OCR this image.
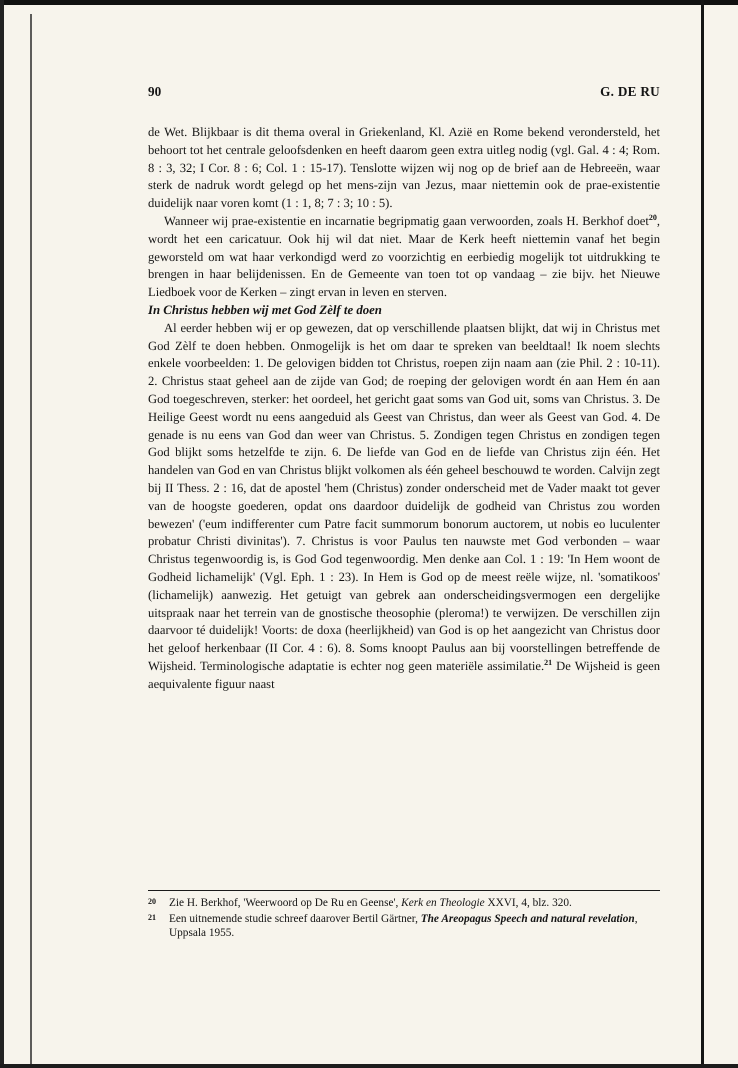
90	G. DE RU

de Wet. Blijkbaar is dit thema overal in Griekenland, Kl. Azië en Rome bekend verondersteld, het behoort tot het centrale geloofsdenken en heeft daarom geen extra uitleg nodig (vgl. Gal. 4 : 4; Rom. 8 : 3, 32; I Cor. 8 : 6; Col. 1 : 15-17). Tenslotte wijzen wij nog op de brief aan de Hebreeën, waar sterk de nadruk wordt gelegd op het mens-zijn van Jezus, maar niettemin ook de prae-existentie duidelijk naar voren komt (1 : 1, 8; 7 : 3; 10 : 5).

Wanneer wij prae-existentie en incarnatie begripmatig gaan verwoorden, zoals H. Berkhof doet$^{20}$, wordt het een caricatuur. Ook hij wil dat niet. Maar de Kerk heeft niettemin vanaf het begin geworsteld om wat haar verkondigd werd zo voorzichtig en eerbiedig mogelijk tot uitdrukking te brengen in haar belijdenissen. En de Gemeente van toen tot op vandaag – zie bijv. het Nieuwe Liedboek voor de Kerken – zingt ervan in leven en sterven.

In Christus hebben wij met God Zèlf te doen

Al eerder hebben wij er op gewezen, dat op verschillende plaatsen blijkt, dat wij in Christus met God Zèlf te doen hebben. Onmogelijk is het om daar te spreken van beeldtaal! Ik noem slechts enkele voorbeelden: 1. De gelovigen bidden tot Christus, roepen zijn naam aan (zie Phil. 2 : 10-11). 2. Christus staat geheel aan de zijde van God; de roeping der gelovigen wordt én aan Hem én aan God toegeschreven, sterker: het oordeel, het gericht gaat soms van God uit, soms van Christus. 3. De Heilige Geest wordt nu eens aangeduid als Geest van Christus, dan weer als Geest van God. 4. De genade is nu eens van God dan weer van Christus. 5. Zondigen tegen Christus en zondigen tegen God blijkt soms hetzelfde te zijn. 6. De liefde van God en de liefde van Christus zijn één. Het handelen van God en van Christus blijkt volkomen als één geheel beschouwd te worden. Calvijn zegt bij II Thess. 2 : 16, dat de apostel 'hem (Christus) zonder onderscheid met de Vader maakt tot gever van de hoogste goederen, opdat ons daardoor duidelijk de godheid van Christus zou worden bewezen' ('eum indifferenter cum Patre facit summorum bonorum auctorem, ut nobis eo luculenter probatur Christi divinitas'). 7. Christus is voor Paulus ten nauwste met God verbonden – waar Christus tegenwoordig is, is God God tegenwoordig. Men denke aan Col. 1 : 19: 'In Hem woont de Godheid lichamelijk' (Vgl. Eph. 1 : 23). In Hem is God op de meest reële wijze, nl. 'somatikoos' (lichamelijk) aanwezig. Het getuigt van gebrek aan onderscheidingsvermogen een dergelijke uitspraak naar het terrein van de gnostische theosophie (pleroma!) te verwijzen. De verschillen zijn daarvoor té duidelijk! Voorts: de doxa (heerlijkheid) van God is op het aangezicht van Christus door het geloof herkenbaar (II Cor. 4 : 6). 8. Soms knoopt Paulus aan bij voorstellingen betreffende de Wijsheid. Terminologische adaptatie is echter nog geen materiële assimilatie.$^{21}$ De Wijsheid is geen aequivalente figuur naast

20 Zie H. Berkhof, 'Weerwoord op De Ru en Geense', Kerk en Theologie XXVI, 4, blz. 320.
21 Een uitnemende studie schreef daarover Bertil Gärtner, The Areopagus Speech and natural revelation, Uppsala 1955.
